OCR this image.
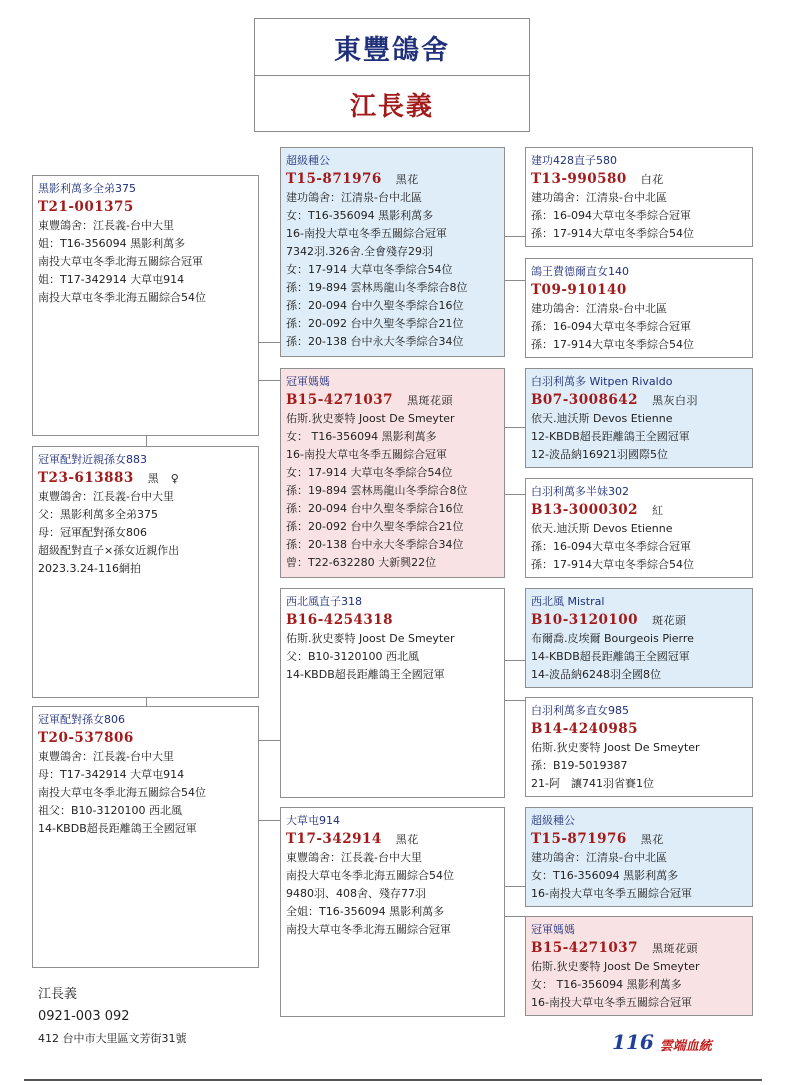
東豐鴿舍
江長義
黑影利萬多全弟375
T21-001375
東豐鴿舍：江長義-台中大里
姐：T16-356094 黑影利萬多
南投大草屯冬季北海五關綜合冠軍
姐：T17-342914 大草屯914
南投大草屯冬季北海五關綜合54位
冠軍配對近親孫女883
T23-613883 黑　♀
東豐鴿舍：江長義-台中大里
父：黑影利萬多全弟375
母：冠軍配對孫女806
超級配對直子×孫女近親作出
2023.3.24-116網拍
冠軍配對孫女806
T20-537806
東豐鴿舍：江長義-台中大里
母：T17-342914 大草屯914
南投大草屯冬季北海五關綜合54位
祖父：B10-3120100 西北風
14-KBDB超長距離鴿王全國冠軍
超級種公
T15-871976 黑花
建功鴿舍：江清泉-台中北區
女：T16-356094 黑影利萬多
16-南投大草屯冬季五關綜合冠軍
7342羽.326舍.全會殘存29羽
女：17-914 大草屯冬季綜合54位
孫：19-894 雲林馬龍山冬季綜合8位
孫：20-094 台中久聖冬季綜合16位
孫：20-092 台中久聖冬季綜合21位
孫：20-138 台中永大冬季綜合34位
冠軍媽媽
B15-4271037 黑斑花頭
佑斯.狄史麥特 Joost De Smeyter
女： T16-356094 黑影利萬多
16-南投大草屯冬季五關綜合冠軍
女：17-914 大草屯冬季綜合54位
孫：19-894 雲林馬龍山冬季綜合8位
孫：20-094 台中久聖冬季綜合16位
孫：20-092 台中久聖冬季綜合21位
孫：20-138 台中永大冬季綜合34位
曾：T22-632280 大新興22位
西北風直子318
B16-4254318
佑斯.狄史麥特 Joost De Smeyter
父：B10-3120100 西北風
14-KBDB超長距離鴿王全國冠軍
大草屯914
T17-342914 黑花
東豐鴿舍：江長義-台中大里
南投大草屯冬季北海五關綜合54位
9480羽、408舍、殘存77羽
全姐：T16-356094 黑影利萬多
南投大草屯冬季北海五關綜合冠軍
建功428直子580
T13-990580 白花
建功鴿舍：江清泉-台中北區
孫：16-094大草屯冬季綜合冠軍
孫：17-914大草屯冬季綜合54位
鴿王費德爾直女140
T09-910140
建功鴿舍：江清泉-台中北區
孫：16-094大草屯冬季綜合冠軍
孫：17-914大草屯冬季綜合54位
白羽利萬多 Witpen Rivaldo
B07-3008642 黑灰白羽
依天.迪沃斯 Devos Etienne
12-KBDB超長距離鴿王全國冠軍
12-波品納16921羽國際5位
白羽利萬多半妹302
B13-3000302 紅
依天.迪沃斯 Devos Etienne
孫：16-094大草屯冬季綜合冠軍
孫：17-914大草屯冬季綜合54位
西北風 Mistral
B10-3120100 斑花頭
布爾喬.皮埃爾 Bourgeois Pierre
14-KBDB超長距離鴿王全國冠軍
14-波品納6248羽全國8位
白羽利萬多直女985
B14-4240985
佑斯.狄史麥特 Joost De Smeyter
孫：B19-5019387
21-阿　讓741羽省賽1位
超級種公
T15-871976 黑花
建功鴿舍：江清泉-台中北區
女：T16-356094 黑影利萬多
16-南投大草屯冬季五關綜合冠軍
冠軍媽媽
B15-4271037 黑斑花頭
佑斯.狄史麥特 Joost De Smeyter
女： T16-356094 黑影利萬多
16-南投大草屯冬季五關綜合冠軍
江長義
0921-003 092
412 台中市大里區文芳街31號	116 雲端血統
